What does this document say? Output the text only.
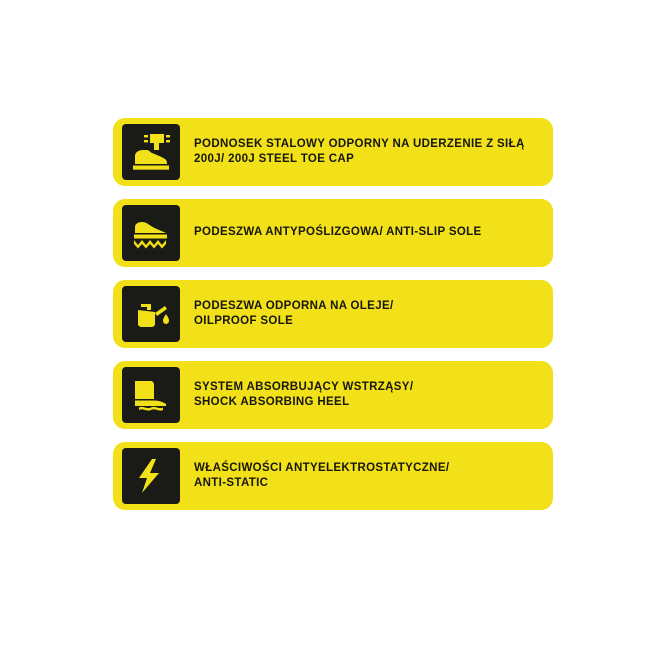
PODNOSEK STALOWY ODPORNY NA UDERZENIE Z SIŁĄ
200J/ 200J STEEL TOE CAP
PODESZWA ANTYPOŚLIZGOWA/ ANTI-SLIP SOLE
PODESZWA ODPORNA NA OLEJE/
OILPROOF SOLE
SYSTEM ABSORBUJĄCY WSTRZĄSY/
SHOCK ABSORBING HEEL
WŁAŚCIWOŚCI ANTYELEKTROSTATYCZNE/
ANTI-STATIC
